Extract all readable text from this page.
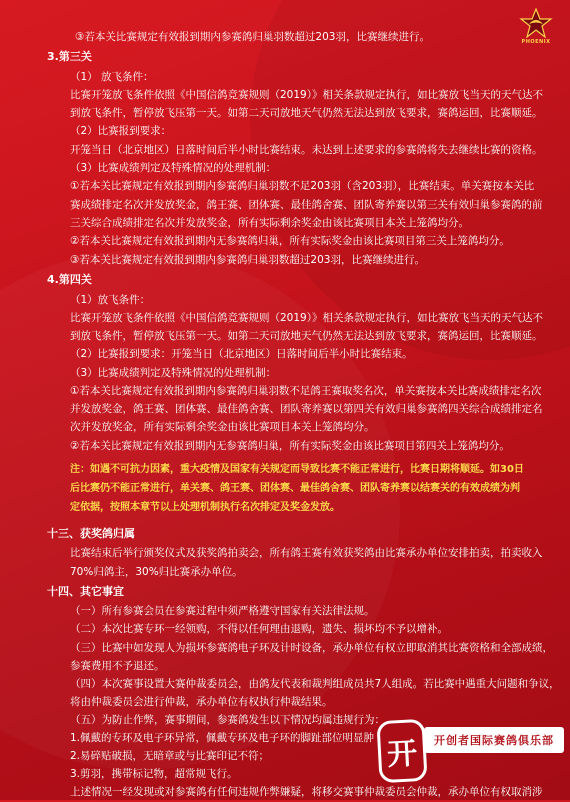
PHOENIX
③若本关比赛规定有效报到期内参赛鸽归巢羽数超过203羽，比赛继续进行。
3.第三关
（1） 放飞条件：
比赛开笼放飞条件依照《中国信鸽竞赛规则（2019）》相关条款规定执行，如比赛放飞当天的天气达不
到放飞条件，暂停放飞压第一天。如第二天司放地天气仍然无法达到放飞要求，赛鸽运回，比赛顺延。
（2）比赛报到要求：
开笼当日（北京地区）日落时间后半小时比赛结束。未达到上述要求的参赛鸽将失去继续比赛的资格。
（3）比赛成绩判定及特殊情况的处理机制：
①若本关比赛规定有效报到期内参赛鸽归巢羽数不足203羽（含203羽），比赛结束。单关赛按本关比
赛成绩排定名次并发放奖金，鸽王赛、团体赛、最佳鸽舍赛、团队寄养赛以第三关有效归巢参赛鸽的前
三关综合成绩排定名次并发放奖金，所有实际剩余奖金由该比赛项目本关上笼鸽均分。
②若本关比赛规定有效报到期内无参赛鸽归巢，所有实际奖金由该比赛项目第三关上笼鸽均分。
③若本关比赛规定有效报到期内参赛鸽归巢羽数超过203羽，比赛继续进行。
4.第四关
（1）放飞条件：
比赛开笼放飞条件依照《中国信鸽竞赛规则（2019）》相关条款规定执行，如比赛放飞当天的天气达不
到放飞条件，暂停放飞压第一天。如第二天司放地天气仍然无法达到放飞要求，赛鸽运回，比赛顺延。
（2）比赛报到要求：开笼当日（北京地区）日落时间后半小时比赛结束。
（3）比赛成绩判定及特殊情况的处理机制：
①若本关比赛规定有效报到期内参赛鸽归巢羽数不足鸽王赛取奖名次，单关赛按本关比赛成绩排定名次
并发放奖金，鸽王赛、团体赛、最佳鸽舍赛、团队寄养赛以第四关有效归巢参赛鸽四关综合成绩排定名
次并发放奖金，所有实际剩余奖金由该比赛项目本关上笼鸽均分。
②若本关比赛规定有效报到期内无参赛鸽归巢，所有实际奖金由该比赛项目第四关上笼鸽均分。
注：如遇不可抗力因素，重大疫情及国家有关规定而导致比赛不能正常进行，比赛日期将顺延。如30日
后比赛仍不能正常进行，单关赛、鸽王赛、团体赛、最佳鸽舍赛、团队寄养赛以结赛关的有效成绩为判
定依据，按照本章节以上处理机制执行名次排定及奖金发放。
十三、获奖鸽归属
比赛结束后举行颁奖仪式及获奖鸽拍卖会，所有鸽王赛有效获奖鸽由比赛承办单位安排拍卖，拍卖收入
70%归鸽主，30%归比赛承办单位。
十四、其它事宜
（一）所有参赛会员在参赛过程中须严格遵守国家有关法律法规。
（二）本次比赛专环一经领购，不得以任何理由退购，遗失、损坏均不予以增补。
（三）比赛中如发现人为损坏参赛鸽电子环及计时设备，承办单位有权立即取消其比赛资格和全部成绩，
参赛费用不予退还。
（四）本次赛事设置大赛仲裁委员会，由鸽友代表和裁判组成员共7人组成。若比赛中遇重大问题和争议，
将由仲裁委员会进行仲裁，承办单位有权执行仲裁结果。
（五）为防止作弊，赛事期间，参赛鸽发生以下情况均属违规行为：
1.佩戴的专环及电子环异常，佩戴专环及电子环的脚趾部位明显肿
2.易碎贴破损，无暗章或与比赛印记不符；
3.剪羽，携带标记物，超常规飞行。
上述情况一经发现或对参赛鸽有任何违规作弊嫌疑，将移交赛事仲裁委员会仲裁，承办单位有权取消涉
开	开创者国际赛鸽俱乐部
